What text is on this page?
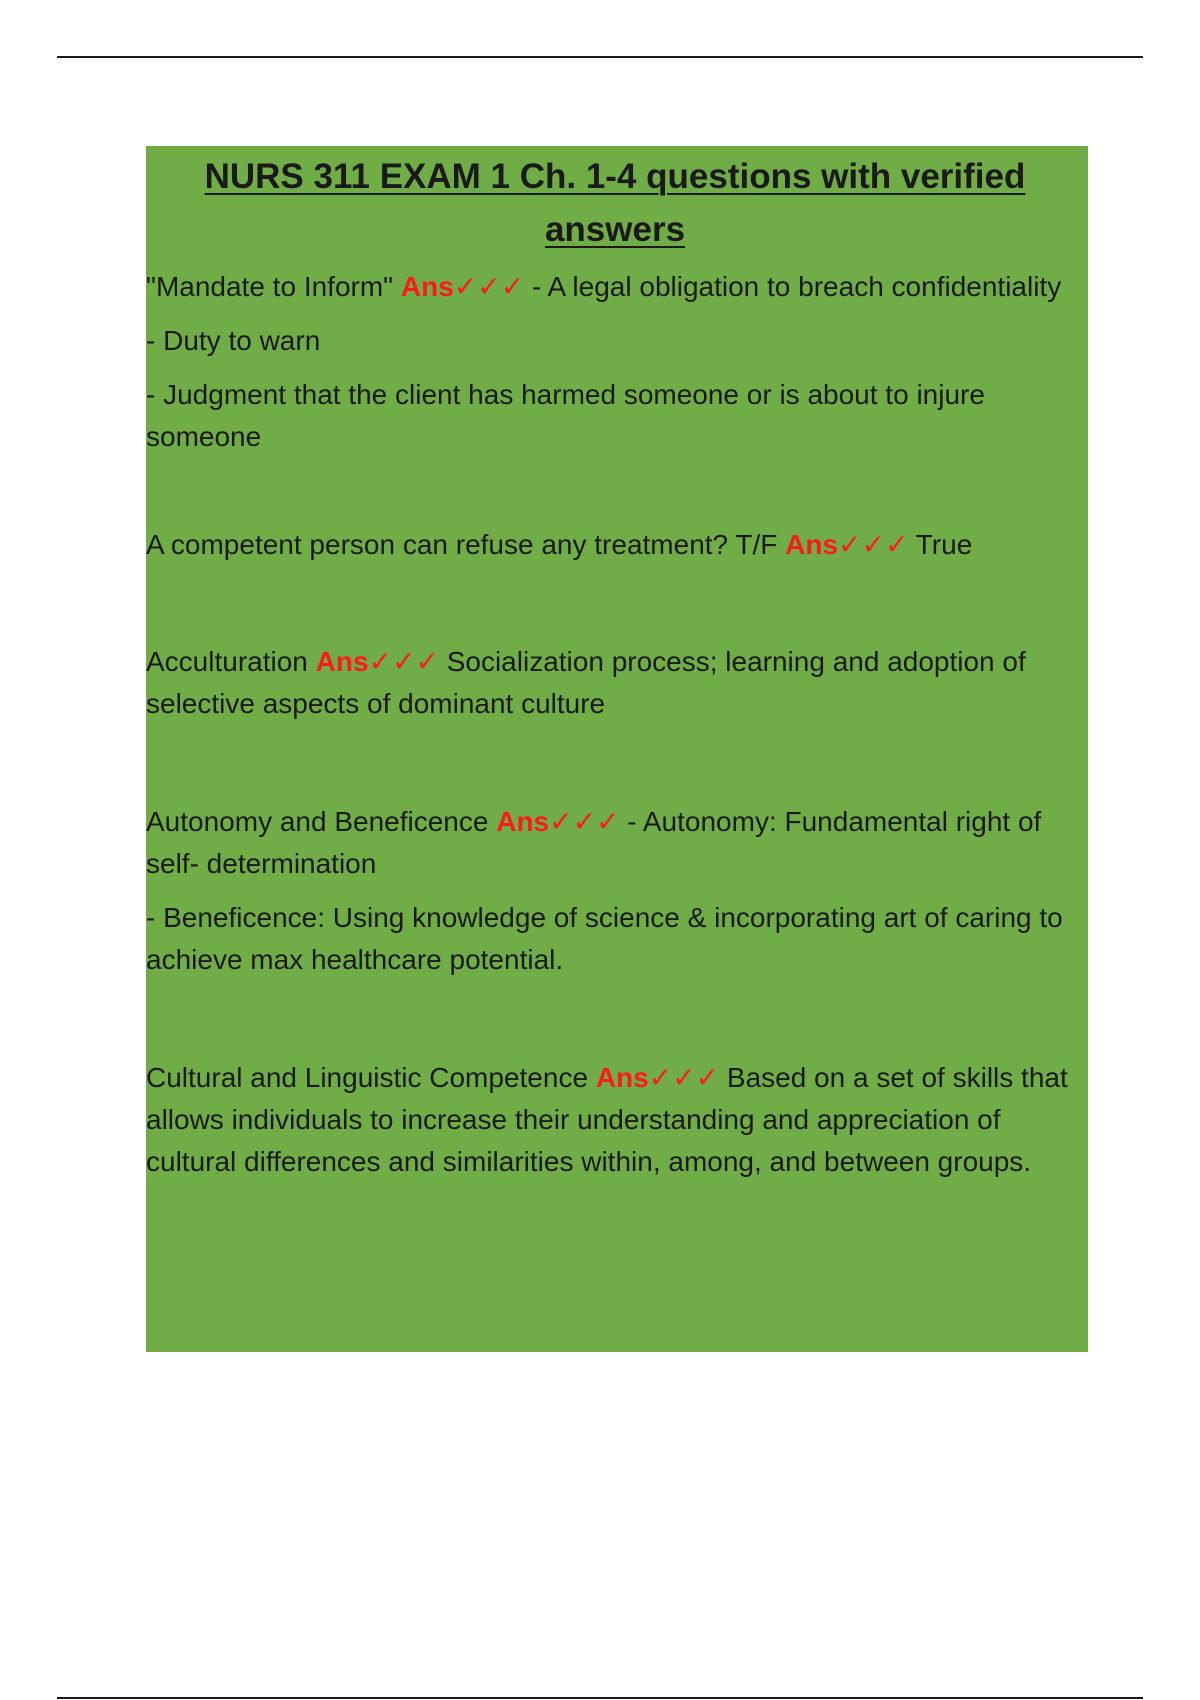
NURS 311 EXAM 1 Ch. 1-4 questions with verified answers

"Mandate to Inform" Ans✓✓✓ - A legal obligation to breach confidentiality

- Duty to warn

- Judgment that the client has harmed someone or is about to injure someone

A competent person can refuse any treatment? T/F Ans✓✓✓ True

Acculturation Ans✓✓✓ Socialization process; learning and adoption of selective aspects of dominant culture

Autonomy and Beneficence Ans✓✓✓ - Autonomy: Fundamental right of self- determination

- Beneficence: Using knowledge of science & incorporating art of caring to achieve max healthcare potential.

Cultural and Linguistic Competence Ans✓✓✓ Based on a set of skills that allows individuals to increase their understanding and appreciation of cultural differences and similarities within, among, and between groups.
